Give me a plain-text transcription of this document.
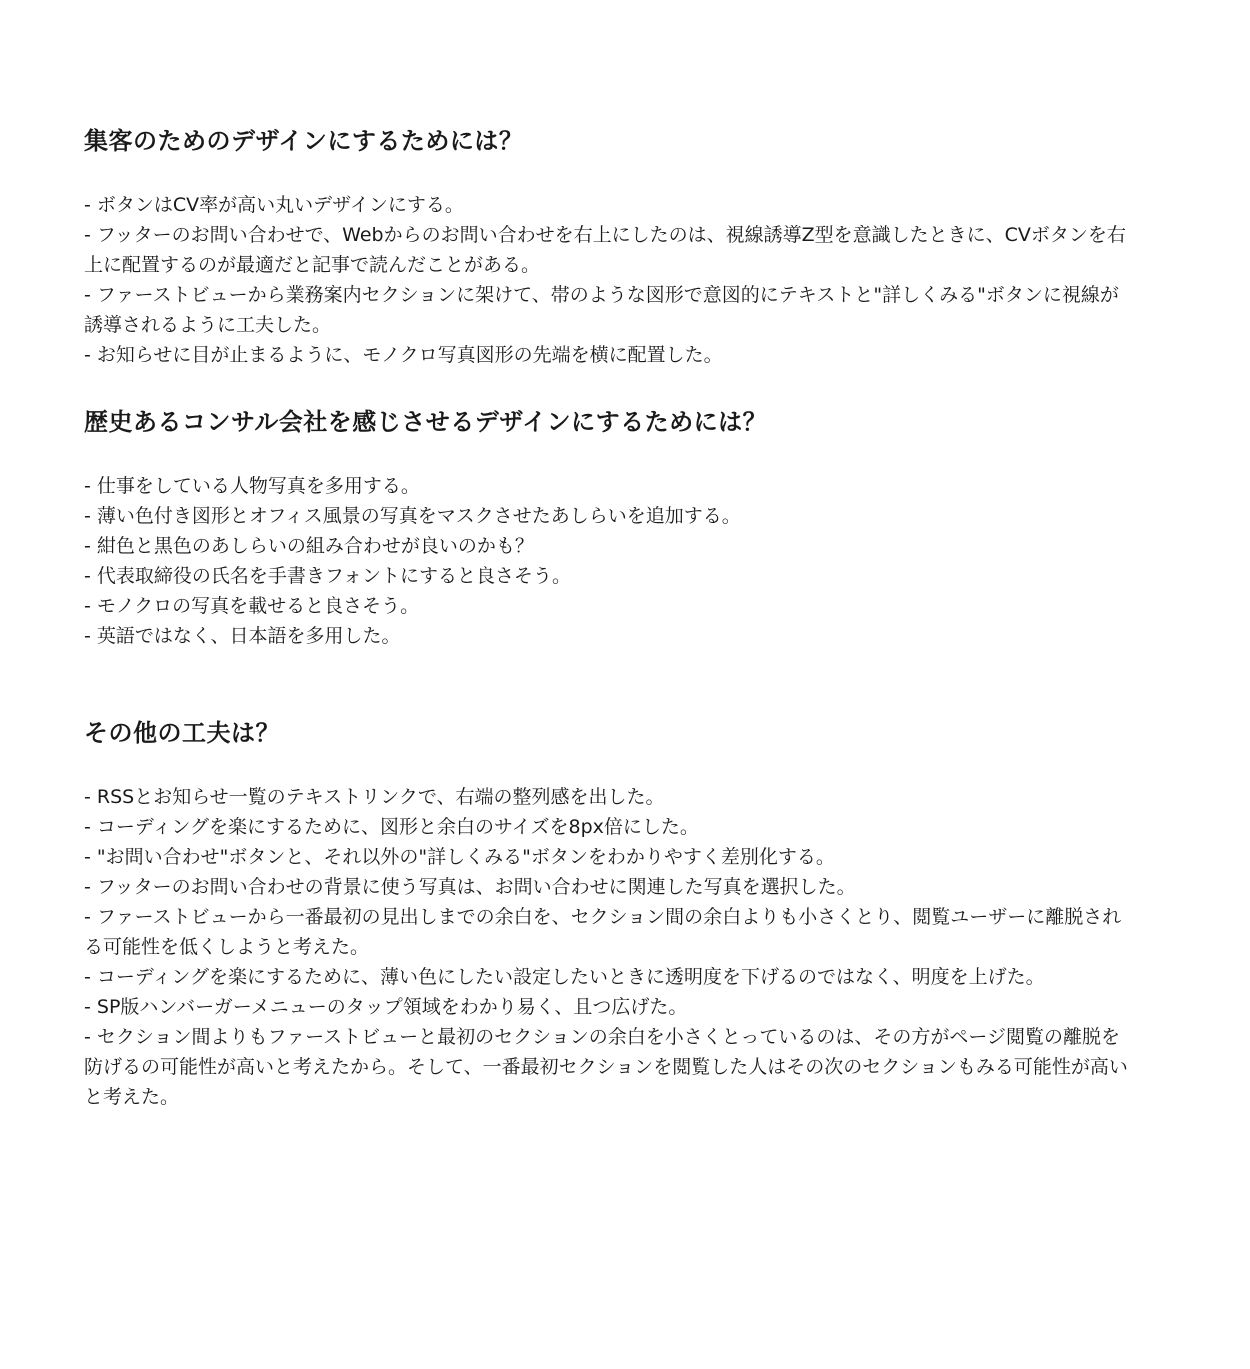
集客のためのデザインにするためには？
- ボタンはCV率が高い丸いデザインにする。
- フッターのお問い合わせで、Webからのお問い合わせを右上にしたのは、視線誘導Z型を意識したときに、CVボタンを右上に配置するのが最適だと記事で読んだことがある。
- ファーストビューから業務案内セクションに架けて、帯のような図形で意図的にテキストと"詳しくみる"ボタンに視線が誘導されるように工夫した。
- お知らせに目が止まるように、モノクロ写真図形の先端を横に配置した。
歴史あるコンサル会社を感じさせるデザインにするためには？
- 仕事をしている人物写真を多用する。
- 薄い色付き図形とオフィス風景の写真をマスクさせたあしらいを追加する。
- 紺色と黒色のあしらいの組み合わせが良いのかも？
- 代表取締役の氏名を手書きフォントにすると良さそう。
- モノクロの写真を載せると良さそう。
- 英語ではなく、日本語を多用した。
その他の工夫は？
- RSSとお知らせ一覧のテキストリンクで、右端の整列感を出した。
- コーディングを楽にするために、図形と余白のサイズを8px倍にした。
- "お問い合わせ"ボタンと、それ以外の"詳しくみる"ボタンをわかりやすく差別化する。
- フッターのお問い合わせの背景に使う写真は、お問い合わせに関連した写真を選択した。
- ファーストビューから一番最初の見出しまでの余白を、セクション間の余白よりも小さくとり、閲覧ユーザーに離脱される可能性を低くしようと考えた。
- コーディングを楽にするために、薄い色にしたい設定したいときに透明度を下げるのではなく、明度を上げた。
- SP版ハンバーガーメニューのタップ領域をわかり易く、且つ広げた。
- セクション間よりもファーストビューと最初のセクションの余白を小さくとっているのは、その方がページ閲覧の離脱を防げるの可能性が高いと考えたから。そして、一番最初セクションを閲覧した人はその次のセクションもみる可能性が高いと考えた。
